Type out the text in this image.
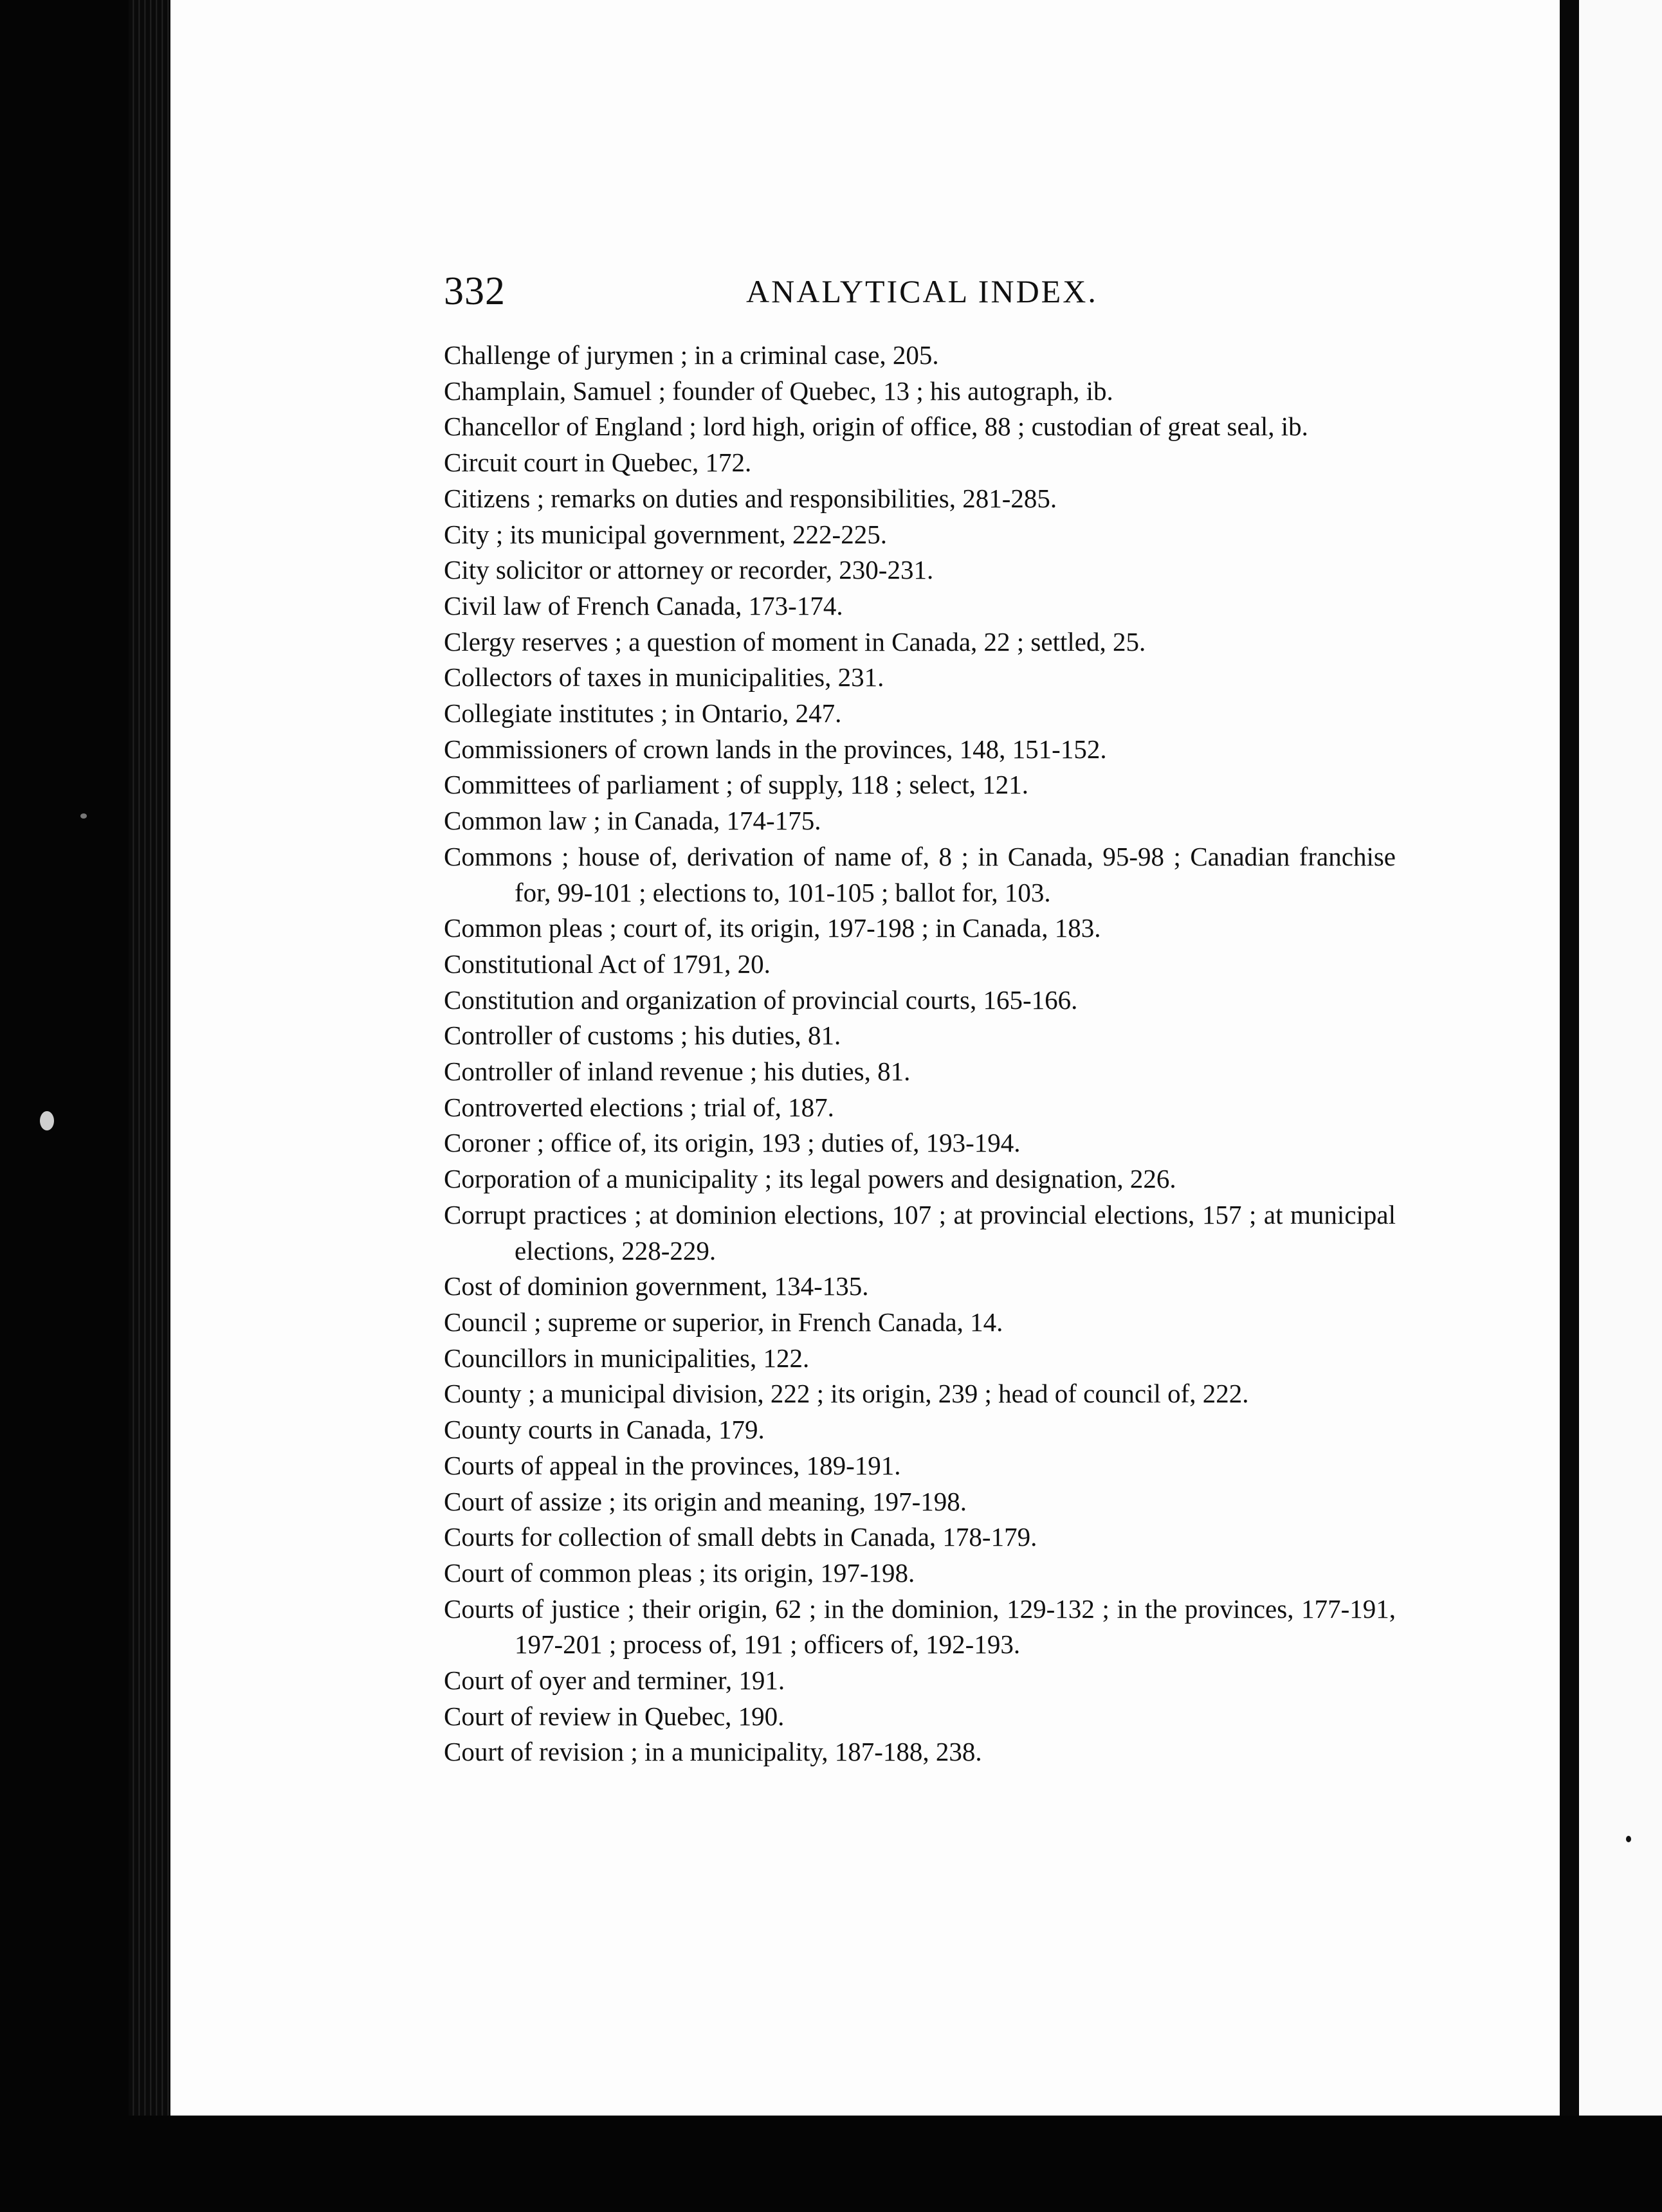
332	ANALYTICAL INDEX.
Challenge of jurymen ; in a criminal case, 205.
Champlain, Samuel ; founder of Quebec, 13 ; his autograph, ib.
Chancellor of England ; lord high, origin of office, 88 ; custodian of great seal, ib.
Circuit court in Quebec, 172.
Citizens ; remarks on duties and responsibilities, 281-285.
City ; its municipal government, 222-225.
City solicitor or attorney or recorder, 230-231.
Civil law of French Canada, 173-174.
Clergy reserves ; a question of moment in Canada, 22 ; settled, 25.
Collectors of taxes in municipalities, 231.
Collegiate institutes ; in Ontario, 247.
Commissioners of crown lands in the provinces, 148, 151-152.
Committees of parliament ; of supply, 118 ; select, 121.
Common law ; in Canada, 174-175.
Commons ; house of, derivation of name of, 8 ; in Canada, 95-98 ; Canadian franchise for, 99-101 ; elections to, 101-105 ; ballot for, 103.
Common pleas ; court of, its origin, 197-198 ; in Canada, 183.
Constitutional Act of 1791, 20.
Constitution and organization of provincial courts, 165-166.
Controller of customs ; his duties, 81.
Controller of inland revenue ; his duties, 81.
Controverted elections ; trial of, 187.
Coroner ; office of, its origin, 193 ; duties of, 193-194.
Corporation of a municipality ; its legal powers and designation, 226.
Corrupt practices ; at dominion elections, 107 ; at provincial elections, 157 ; at municipal elections, 228-229.
Cost of dominion government, 134-135.
Council ; supreme or superior, in French Canada, 14.
Councillors in municipalities, 122.
County ; a municipal division, 222 ; its origin, 239 ; head of council of, 222.
County courts in Canada, 179.
Courts of appeal in the provinces, 189-191.
Court of assize ; its origin and meaning, 197-198.
Courts for collection of small debts in Canada, 178-179.
Court of common pleas ; its origin, 197-198.
Courts of justice ; their origin, 62 ; in the dominion, 129-132 ; in the provinces, 177-191, 197-201 ; process of, 191 ; officers of, 192-193.
Court of oyer and terminer, 191.
Court of review in Quebec, 190.
Court of revision ; in a municipality, 187-188, 238.
